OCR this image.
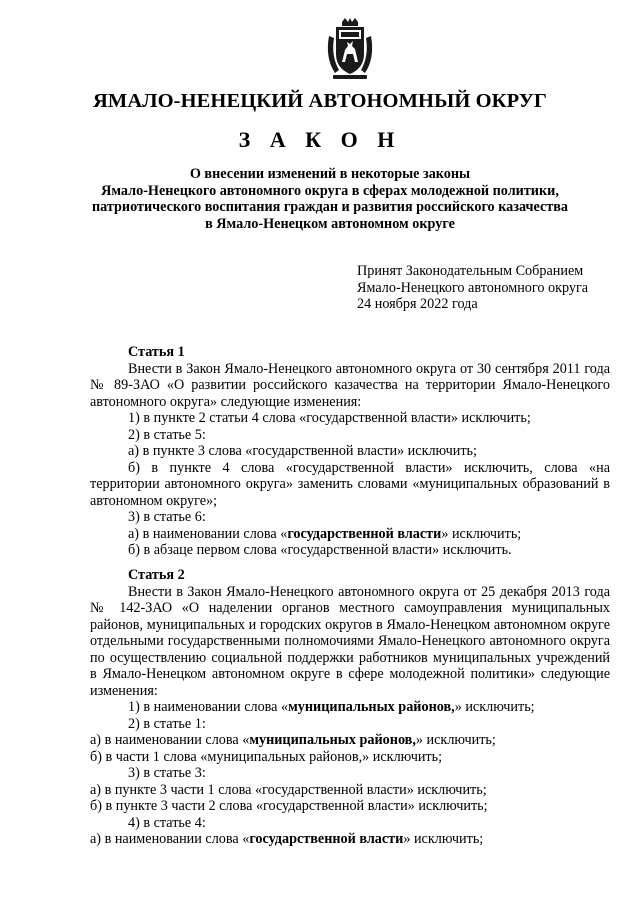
ЯМАЛО-НЕНЕЦКИЙ АВТОНОМНЫЙ ОКРУГ
З А К О Н
О внесении изменений в некоторые законы
Ямало-Ненецкого автономного округа в сферах молодежной политики,
патриотического воспитания граждан и развития российского казачества
в Ямало-Ненецком автономном округе
Принят Законодательным Собранием
Ямало-Ненецкого автономного округа
24 ноября 2022 года
Статья 1
Внести в Закон Ямало-Ненецкого автономного округа от 30 сентября 2011 года № 89-ЗАО «О развитии российского казачества на территории Ямало-Ненецкого автономного округа» следующие изменения:
1) в пункте 2 статьи 4 слова «государственной власти» исключить;
2) в статье 5:
а) в пункте 3 слова «государственной власти» исключить;
б) в пункте 4 слова «государственной власти» исключить, слова «на территории автономного округа» заменить словами «муниципальных образований в автономном округе»;
3) в статье 6:
а) в наименовании слова «государственной власти» исключить;
б) в абзаце первом слова «государственной власти» исключить.
Статья 2
Внести в Закон Ямало-Ненецкого автономного округа от 25 декабря 2013 года № 142-ЗАО «О наделении органов местного самоуправления муниципальных районов, муниципальных и городских округов в Ямало-Ненецком автономном округе отдельными государственными полномочиями Ямало-Ненецкого автономного округа по осуществлению социальной поддержки работников муниципальных учреждений в Ямало-Ненецком автономном округе в сфере молодежной политики» следующие изменения:
1) в наименовании слова «муниципальных районов,» исключить;
2) в статье 1:
а) в наименовании слова «муниципальных районов,» исключить;
б) в части 1 слова «муниципальных районов,» исключить;
3) в статье 3:
а) в пункте 3 части 1 слова «государственной власти» исключить;
б) в пункте 3 части 2 слова «государственной власти» исключить;
4) в статье 4:
а) в наименовании слова «государственной власти» исключить;
